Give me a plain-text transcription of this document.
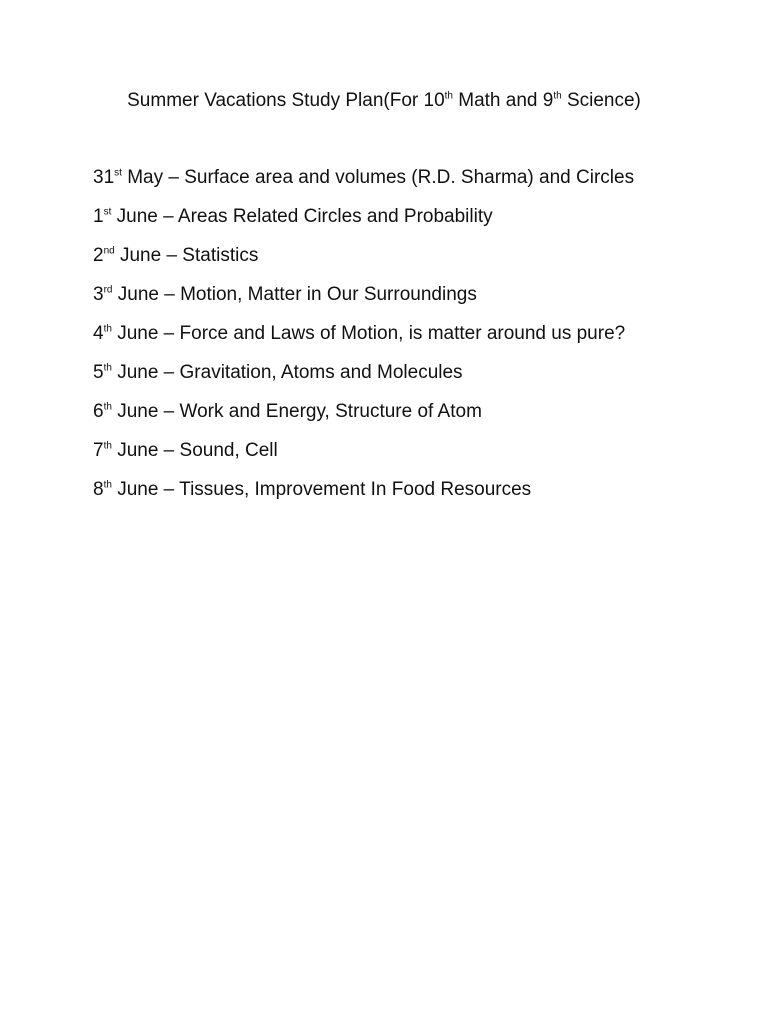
Summer Vacations Study Plan(For 10th Math and 9th Science)

31st May – Surface area and volumes (R.D. Sharma) and Circles

1st June – Areas Related Circles and Probability

2nd June – Statistics

3rd June – Motion, Matter in Our Surroundings

4th June – Force and Laws of Motion, is matter around us pure?

5th June – Gravitation, Atoms and Molecules

6th June – Work and Energy, Structure of Atom

7th June – Sound, Cell

8th June – Tissues, Improvement In Food Resources
